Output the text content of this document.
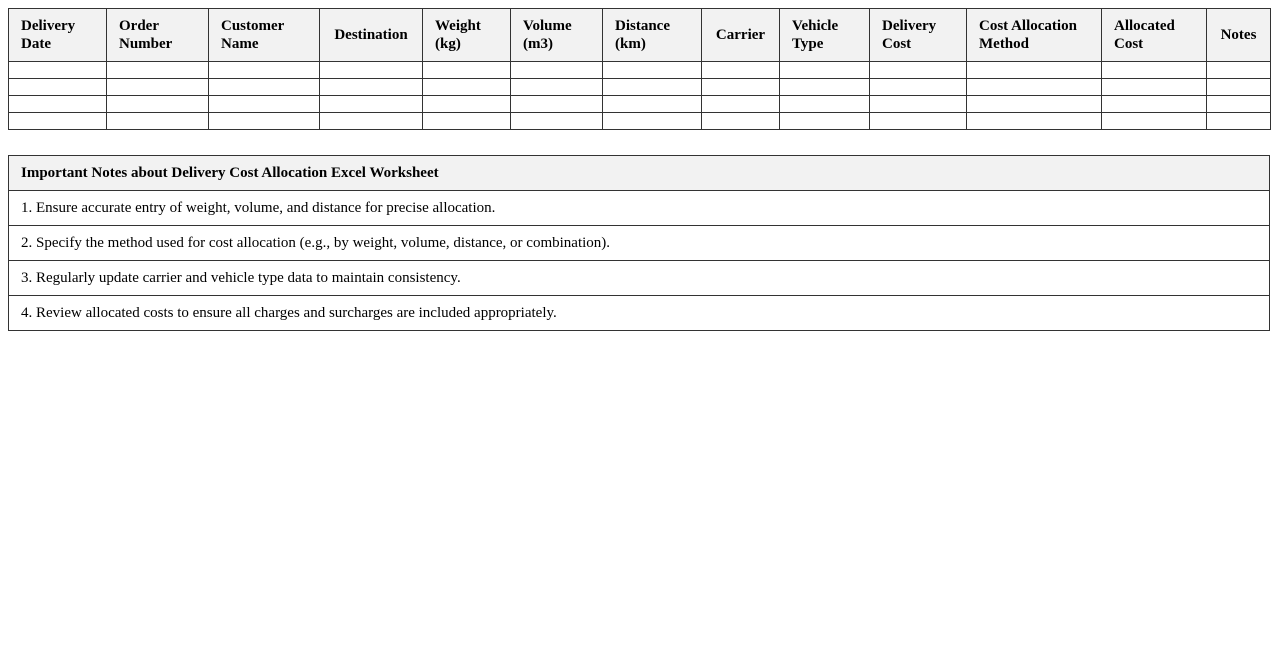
Delivery Date	Order Number	Customer Name	Destination	Weight (kg)	Volume (m3)	Distance (km)	Carrier	Vehicle Type	Delivery Cost	Cost Allocation Method	Allocated Cost	Notes

Important Notes about Delivery Cost Allocation Excel Worksheet
1. Ensure accurate entry of weight, volume, and distance for precise allocation.
2. Specify the method used for cost allocation (e.g., by weight, volume, distance, or combination).
3. Regularly update carrier and vehicle type data to maintain consistency.
4. Review allocated costs to ensure all charges and surcharges are included appropriately.
